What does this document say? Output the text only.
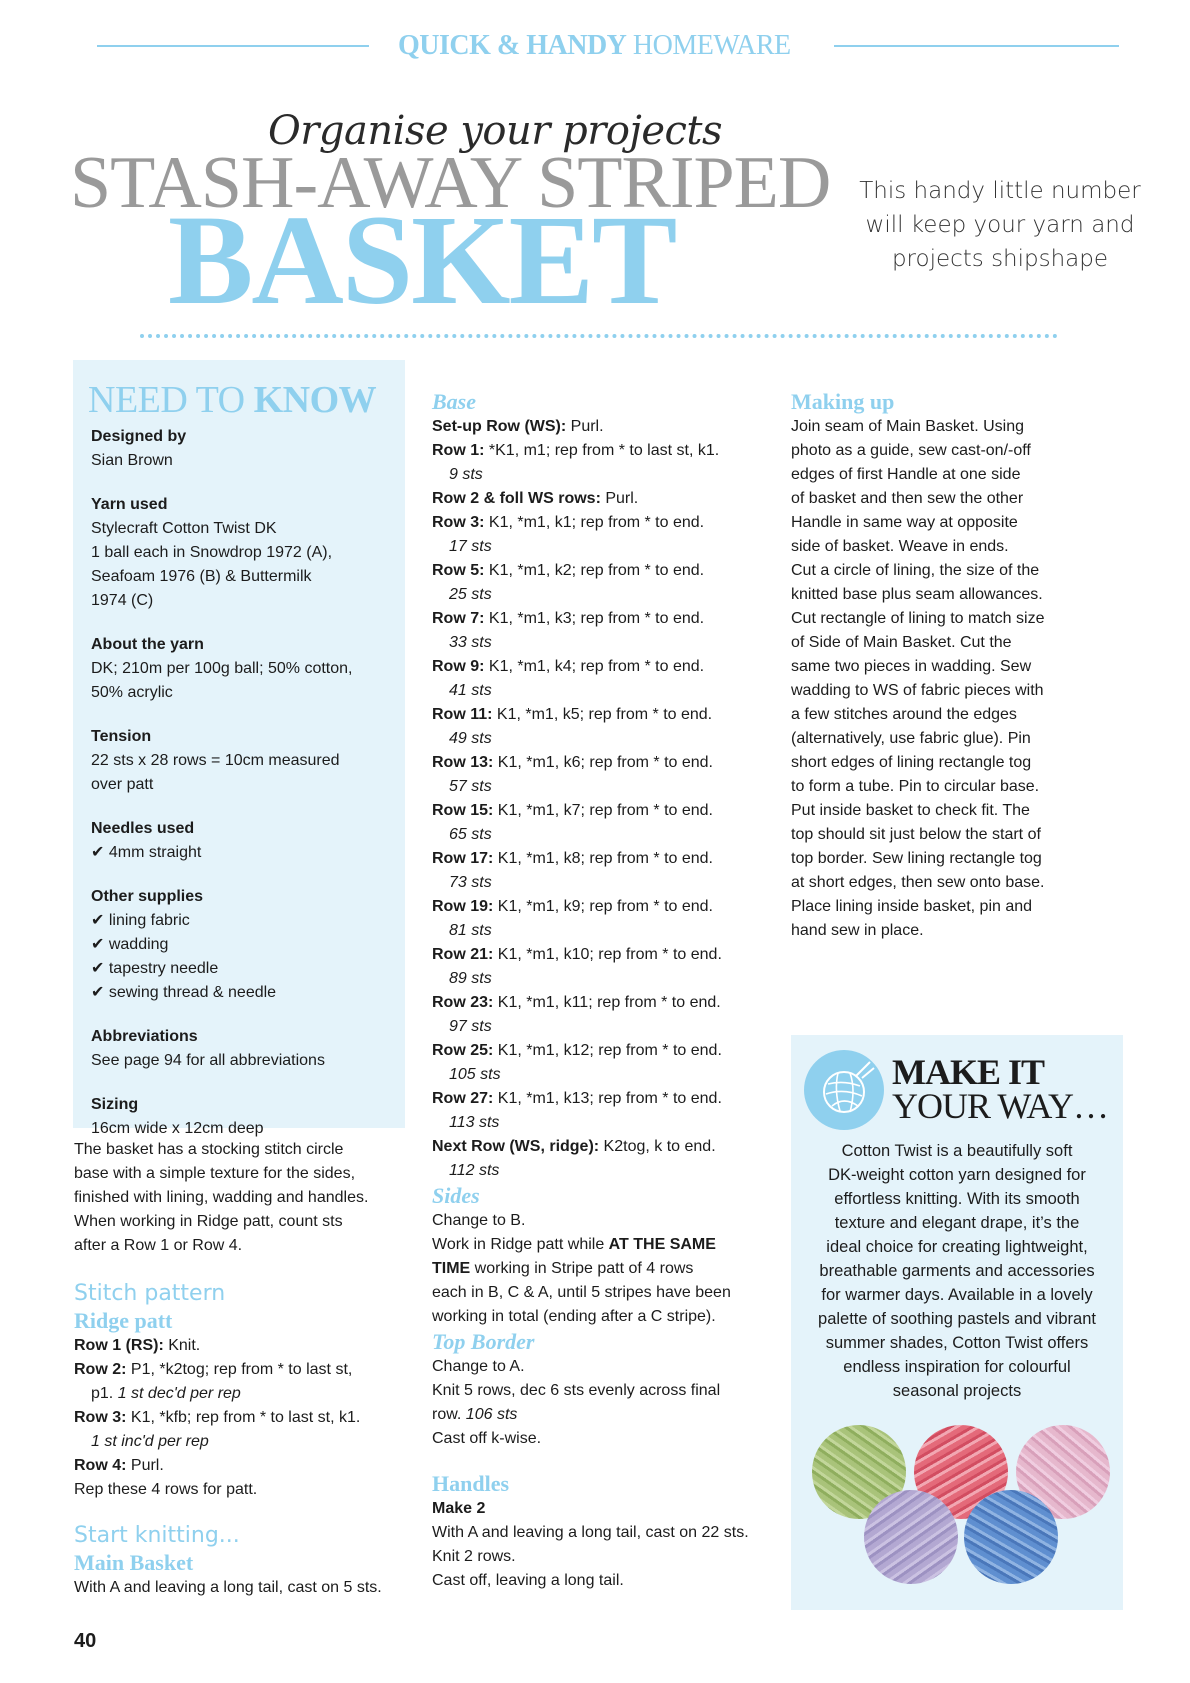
QUICK & HANDY HOMEWARE
STASH-AWAY STRIPED
BASKET
Organise your projects
This handy little number will keep your yarn and projects shipshape
NEED TO KNOW

Designed by

Sian Brown

Yarn used

Stylecraft Cotton Twist DK

1 ball each in Snowdrop 1972 (A),

Seafoam 1976 (B) & Buttermilk

1974 (C)

About the yarn

DK; 210m per 100g ball; 50% cotton,

50% acrylic

Tension

22 sts x 28 rows = 10cm measured

over patt

Needles used

✔ 4mm straight

Other supplies

✔ lining fabric

✔ wadding

✔ tapestry needle

✔ sewing thread & needle

Abbreviations

See page 94 for all abbreviations

Sizing

16cm wide x 12cm deep

The basket has a stocking stitch circle

base with a simple texture for the sides,

finished with lining, wadding and handles.

When working in Ridge patt, count sts

after a Row 1 or Row 4.

Stitch pattern
Ridge patt

Row 1 (RS): Knit.

Row 2: P1, *k2tog; rep from * to last st,

p1. 1 st dec'd per rep

Row 3: K1, *kfb; rep from * to last st, k1.

1 st inc'd per rep

Row 4: Purl.

Rep these 4 rows for patt.

Start knitting...
Main Basket

With A and leaving a long tail, cast on 5 sts.

Base

Set-up Row (WS): Purl.

Row 1: *K1, m1; rep from * to last st, k1.

9 sts

Row 2 & foll WS rows: Purl.

Row 3: K1, *m1, k1; rep from * to end.

17 sts

Row 5: K1, *m1, k2; rep from * to end.

25 sts

Row 7: K1, *m1, k3; rep from * to end.

33 sts

Row 9: K1, *m1, k4; rep from * to end.

41 sts

Row 11: K1, *m1, k5; rep from * to end.

49 sts

Row 13: K1, *m1, k6; rep from * to end.

57 sts

Row 15: K1, *m1, k7; rep from * to end.

65 sts

Row 17: K1, *m1, k8; rep from * to end.

73 sts

Row 19: K1, *m1, k9; rep from * to end.

81 sts

Row 21: K1, *m1, k10; rep from * to end.

89 sts

Row 23: K1, *m1, k11; rep from * to end.

97 sts

Row 25: K1, *m1, k12; rep from * to end.

105 sts

Row 27: K1, *m1, k13; rep from * to end.

113 sts

Next Row (WS, ridge): K2tog, k to end.

112 sts

Sides

Change to B.

Work in Ridge patt while AT THE SAME

TIME working in Stripe patt of 4 rows

each in B, C & A, until 5 stripes have been

working in total (ending after a C stripe).

Top Border

Change to A.

Knit 5 rows, dec 6 sts evenly across final

row. 106 sts

Cast off k-wise.

Handles

Make 2

With A and leaving a long tail, cast on 22 sts.

Knit 2 rows.

Cast off, leaving a long tail.

Making up

Join seam of Main Basket. Using

photo as a guide, sew cast-on/-off

edges of first Handle at one side

of basket and then sew the other

Handle in same way at opposite

side of basket. Weave in ends.

Cut a circle of lining, the size of the

knitted base plus seam allowances.

Cut rectangle of lining to match size

of Side of Main Basket. Cut the

same two pieces in wadding. Sew

wadding to WS of fabric pieces with

a few stitches around the edges

(alternatively, use fabric glue). Pin

short edges of lining rectangle tog

to form a tube. Pin to circular base.

Put inside basket to check fit. The

top should sit just below the start of

top border. Sew lining rectangle tog

at short edges, then sew onto base.

Place lining inside basket, pin and

hand sew in place.

MAKE IT
YOUR WAY…
Cotton Twist is a beautifully soft
DK-weight cotton yarn designed for
effortless knitting. With its smooth
texture and elegant drape, it’s the
ideal choice for creating lightweight,
breathable garments and accessories
for warmer days. Available in a lovely
palette of soothing pastels and vibrant
summer shades, Cotton Twist offers
endless inspiration for colourful
seasonal projects
40
